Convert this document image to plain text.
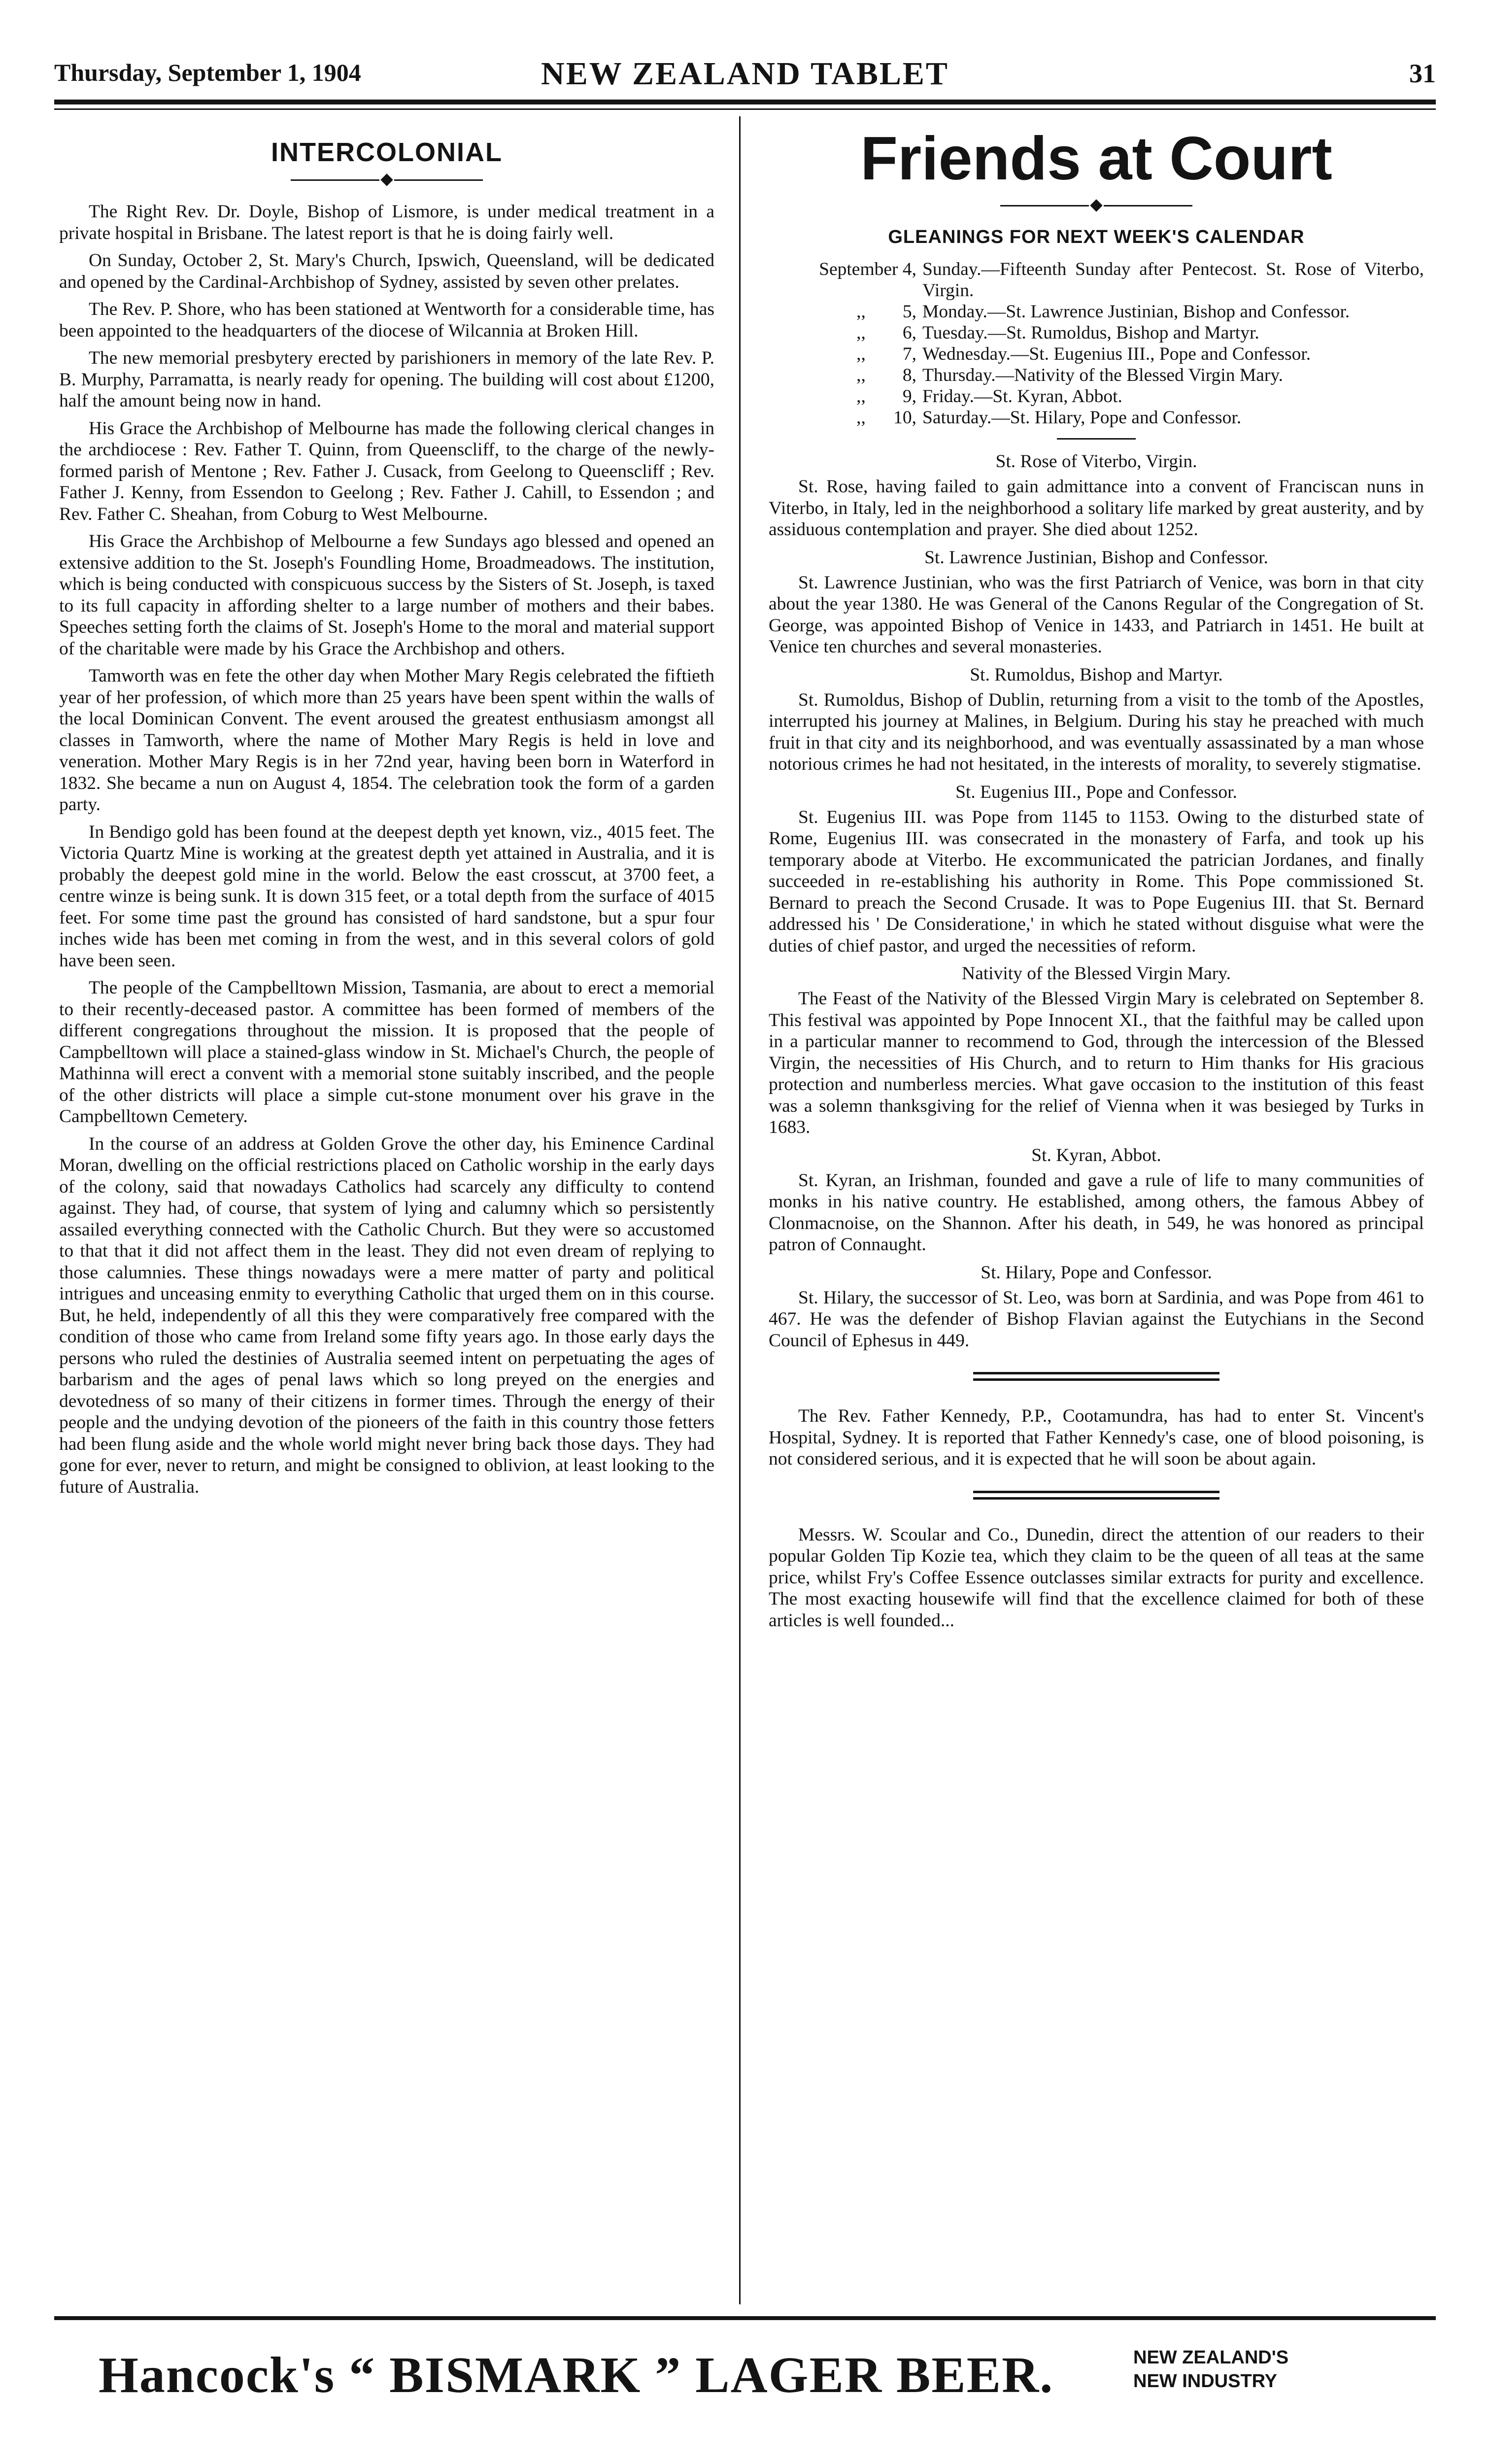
Thursday, September 1, 1904	NEW ZEALAND TABLET	31
INTERCOLONIAL

The Right Rev. Dr. Doyle, Bishop of Lismore, is under medical treatment in a private hospital in Brisbane. The latest report is that he is doing fairly well.

On Sunday, October 2, St. Mary's Church, Ipswich, Queensland, will be dedicated and opened by the Cardinal-Archbishop of Sydney, assisted by seven other prelates.

The Rev. P. Shore, who has been stationed at Wentworth for a considerable time, has been appointed to the headquarters of the diocese of Wilcannia at Broken Hill.

The new memorial presbytery erected by parishioners in memory of the late Rev. P. B. Murphy, Parramatta, is nearly ready for opening. The building will cost about £1200, half the amount being now in hand.

His Grace the Archbishop of Melbourne has made the following clerical changes in the archdiocese : Rev. Father T. Quinn, from Queenscliff, to the charge of the newly-formed parish of Mentone ; Rev. Father J. Cusack, from Geelong to Queenscliff ; Rev. Father J. Kenny, from Essendon to Geelong ; Rev. Father J. Cahill, to Essendon ; and Rev. Father C. Sheahan, from Coburg to West Melbourne.

His Grace the Archbishop of Melbourne a few Sundays ago blessed and opened an extensive addition to the St. Joseph's Foundling Home, Broadmeadows. The institution, which is being conducted with conspicuous success by the Sisters of St. Joseph, is taxed to its full capacity in affording shelter to a large number of mothers and their babes. Speeches setting forth the claims of St. Joseph's Home to the moral and material support of the charitable were made by his Grace the Archbishop and others.

Tamworth was en fete the other day when Mother Mary Regis celebrated the fiftieth year of her profession, of which more than 25 years have been spent within the walls of the local Dominican Convent. The event aroused the greatest enthusiasm amongst all classes in Tamworth, where the name of Mother Mary Regis is held in love and veneration. Mother Mary Regis is in her 72nd year, having been born in Waterford in 1832. She became a nun on August 4, 1854. The celebration took the form of a garden party.

In Bendigo gold has been found at the deepest depth yet known, viz., 4015 feet. The Victoria Quartz Mine is working at the greatest depth yet attained in Australia, and it is probably the deepest gold mine in the world. Below the east crosscut, at 3700 feet, a centre winze is being sunk. It is down 315 feet, or a total depth from the surface of 4015 feet. For some time past the ground has consisted of hard sandstone, but a spur four inches wide has been met coming in from the west, and in this several colors of gold have been seen.

The people of the Campbelltown Mission, Tasmania, are about to erect a memorial to their recently-deceased pastor. A committee has been formed of members of the different congregations throughout the mission. It is proposed that the people of Campbelltown will place a stained-glass window in St. Michael's Church, the people of Mathinna will erect a convent with a memorial stone suitably inscribed, and the people of the other districts will place a simple cut-stone monument over his grave in the Campbelltown Cemetery.

In the course of an address at Golden Grove the other day, his Eminence Cardinal Moran, dwelling on the official restrictions placed on Catholic worship in the early days of the colony, said that nowadays Catholics had scarcely any difficulty to contend against. They had, of course, that system of lying and calumny which so persistently assailed everything connected with the Catholic Church. But they were so accustomed to that that it did not affect them in the least. They did not even dream of replying to those calumnies. These things nowadays were a mere matter of party and political intrigues and unceasing enmity to everything Catholic that urged them on in this course. But, he held, independently of all this they were comparatively free compared with the condition of those who came from Ireland some fifty years ago. In those early days the persons who ruled the destinies of Australia seemed intent on perpetuating the ages of barbarism and the ages of penal laws which so long preyed on the energies and devotedness of so many of their citizens in former times. Through the energy of their people and the undying devotion of the pioneers of the faith in this country those fetters had been flung aside and the whole world might never bring back those days. They had gone for ever, never to return, and might be consigned to oblivion, at least looking to the future of Australia.

Friends at Court
GLEANINGS FOR NEXT WEEK'S CALENDAR
September 4, Sunday.—Fifteenth Sunday after Pentecost. St. Rose of Viterbo, Virgin.
,,        5, Monday.—St. Lawrence Justinian, Bishop and Confessor.
,,        6, Tuesday.—St. Rumoldus, Bishop and Martyr.
,,        7, Wednesday.—St. Eugenius III., Pope and Confessor.
,,        8, Thursday.—Nativity of the Blessed Virgin Mary.
,,        9, Friday.—St. Kyran, Abbot.
,,      10, Saturday.—St. Hilary, Pope and Confessor.
St. Rose of Viterbo, Virgin.

St. Rose, having failed to gain admittance into a convent of Franciscan nuns in Viterbo, in Italy, led in the neighborhood a solitary life marked by great austerity, and by assiduous contemplation and prayer. She died about 1252.

St. Lawrence Justinian, Bishop and Confessor.

St. Lawrence Justinian, who was the first Patriarch of Venice, was born in that city about the year 1380. He was General of the Canons Regular of the Congregation of St. George, was appointed Bishop of Venice in 1433, and Patriarch in 1451. He built at Venice ten churches and several monasteries.

St. Rumoldus, Bishop and Martyr.

St. Rumoldus, Bishop of Dublin, returning from a visit to the tomb of the Apostles, interrupted his journey at Malines, in Belgium. During his stay he preached with much fruit in that city and its neighborhood, and was eventually assassinated by a man whose notorious crimes he had not hesitated, in the interests of morality, to severely stigmatise.

St. Eugenius III., Pope and Confessor.

St. Eugenius III. was Pope from 1145 to 1153. Owing to the disturbed state of Rome, Eugenius III. was consecrated in the monastery of Farfa, and took up his temporary abode at Viterbo. He excommunicated the patrician Jordanes, and finally succeeded in re-establishing his authority in Rome. This Pope commissioned St. Bernard to preach the Second Crusade. It was to Pope Eugenius III. that St. Bernard addressed his ' De Consideratione,' in which he stated without disguise what were the duties of chief pastor, and urged the necessities of reform.

Nativity of the Blessed Virgin Mary.

The Feast of the Nativity of the Blessed Virgin Mary is celebrated on September 8. This festival was appointed by Pope Innocent XI., that the faithful may be called upon in a particular manner to recommend to God, through the intercession of the Blessed Virgin, the necessities of His Church, and to return to Him thanks for His gracious protection and numberless mercies. What gave occasion to the institution of this feast was a solemn thanksgiving for the relief of Vienna when it was besieged by Turks in 1683.

St. Kyran, Abbot.

St. Kyran, an Irishman, founded and gave a rule of life to many communities of monks in his native country. He established, among others, the famous Abbey of Clonmacnoise, on the Shannon. After his death, in 549, he was honored as principal patron of Connaught.

St. Hilary, Pope and Confessor.

St. Hilary, the successor of St. Leo, was born at Sardinia, and was Pope from 461 to 467. He was the defender of Bishop Flavian against the Eutychians in the Second Council of Ephesus in 449.

The Rev. Father Kennedy, P.P., Cootamundra, has had to enter St. Vincent's Hospital, Sydney. It is reported that Father Kennedy's case, one of blood poisoning, is not considered serious, and it is expected that he will soon be about again.

Messrs. W. Scoular and Co., Dunedin, direct the attention of our readers to their popular Golden Tip Kozie tea, which they claim to be the queen of all teas at the same price, whilst Fry's Coffee Essence outclasses similar extracts for purity and excellence. The most exacting housewife will find that the excellence claimed for both of these articles is well founded...

Hancock's “ BISMARK ” LAGER BEER.	NEW ZEALAND'S
NEW INDUSTRY
